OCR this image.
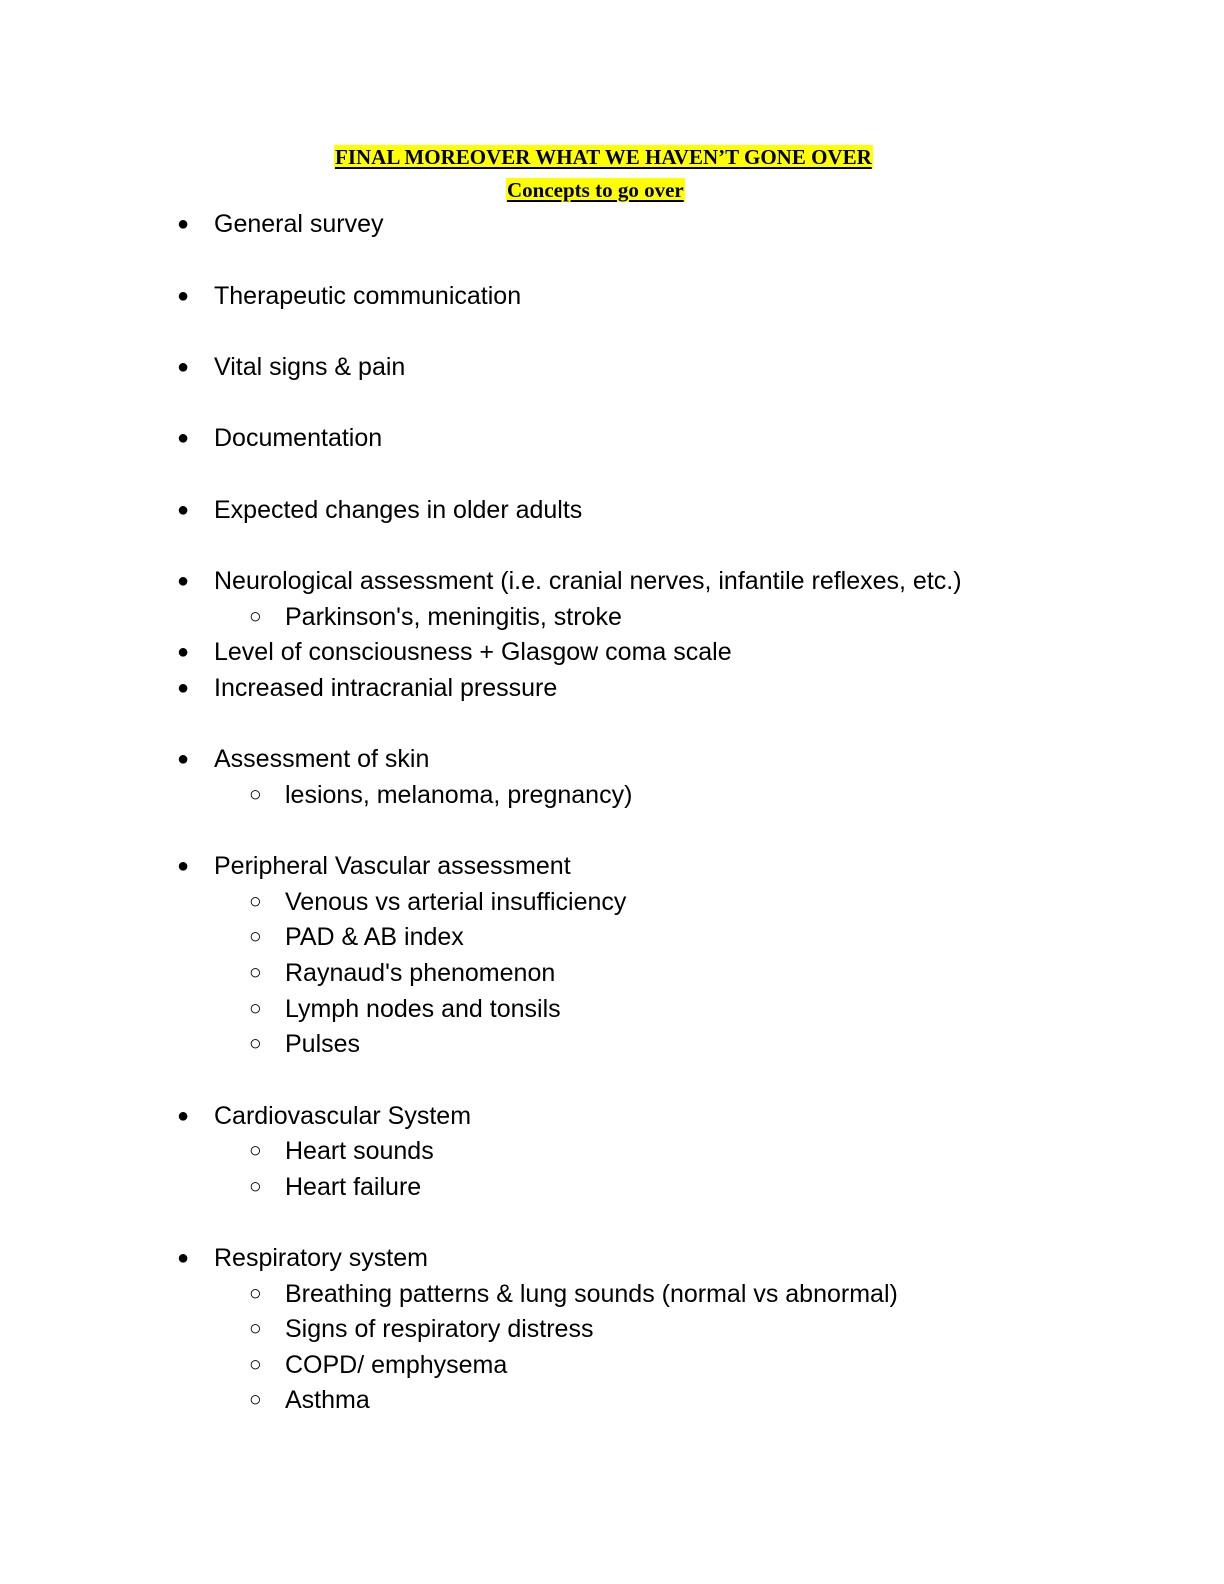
FINAL MOREOVER WHAT WE HAVEN’T GONE OVER
Concepts to go over
● General survey
● Therapeutic communication
● Vital signs & pain
● Documentation
● Expected changes in older adults
● Neurological assessment (i.e. cranial nerves, infantile reflexes, etc.)
○ Parkinson's, meningitis, stroke
● Level of consciousness + Glasgow coma scale
● Increased intracranial pressure
● Assessment of skin
○ lesions, melanoma, pregnancy)
● Peripheral Vascular assessment
○ Venous vs arterial insufficiency
○ PAD & AB index
○ Raynaud's phenomenon
○ Lymph nodes and tonsils
○ Pulses
● Cardiovascular System
○ Heart sounds
○ Heart failure
● Respiratory system
○ Breathing patterns & lung sounds (normal vs abnormal)
○ Signs of respiratory distress
○ COPD/ emphysema
○ Asthma
